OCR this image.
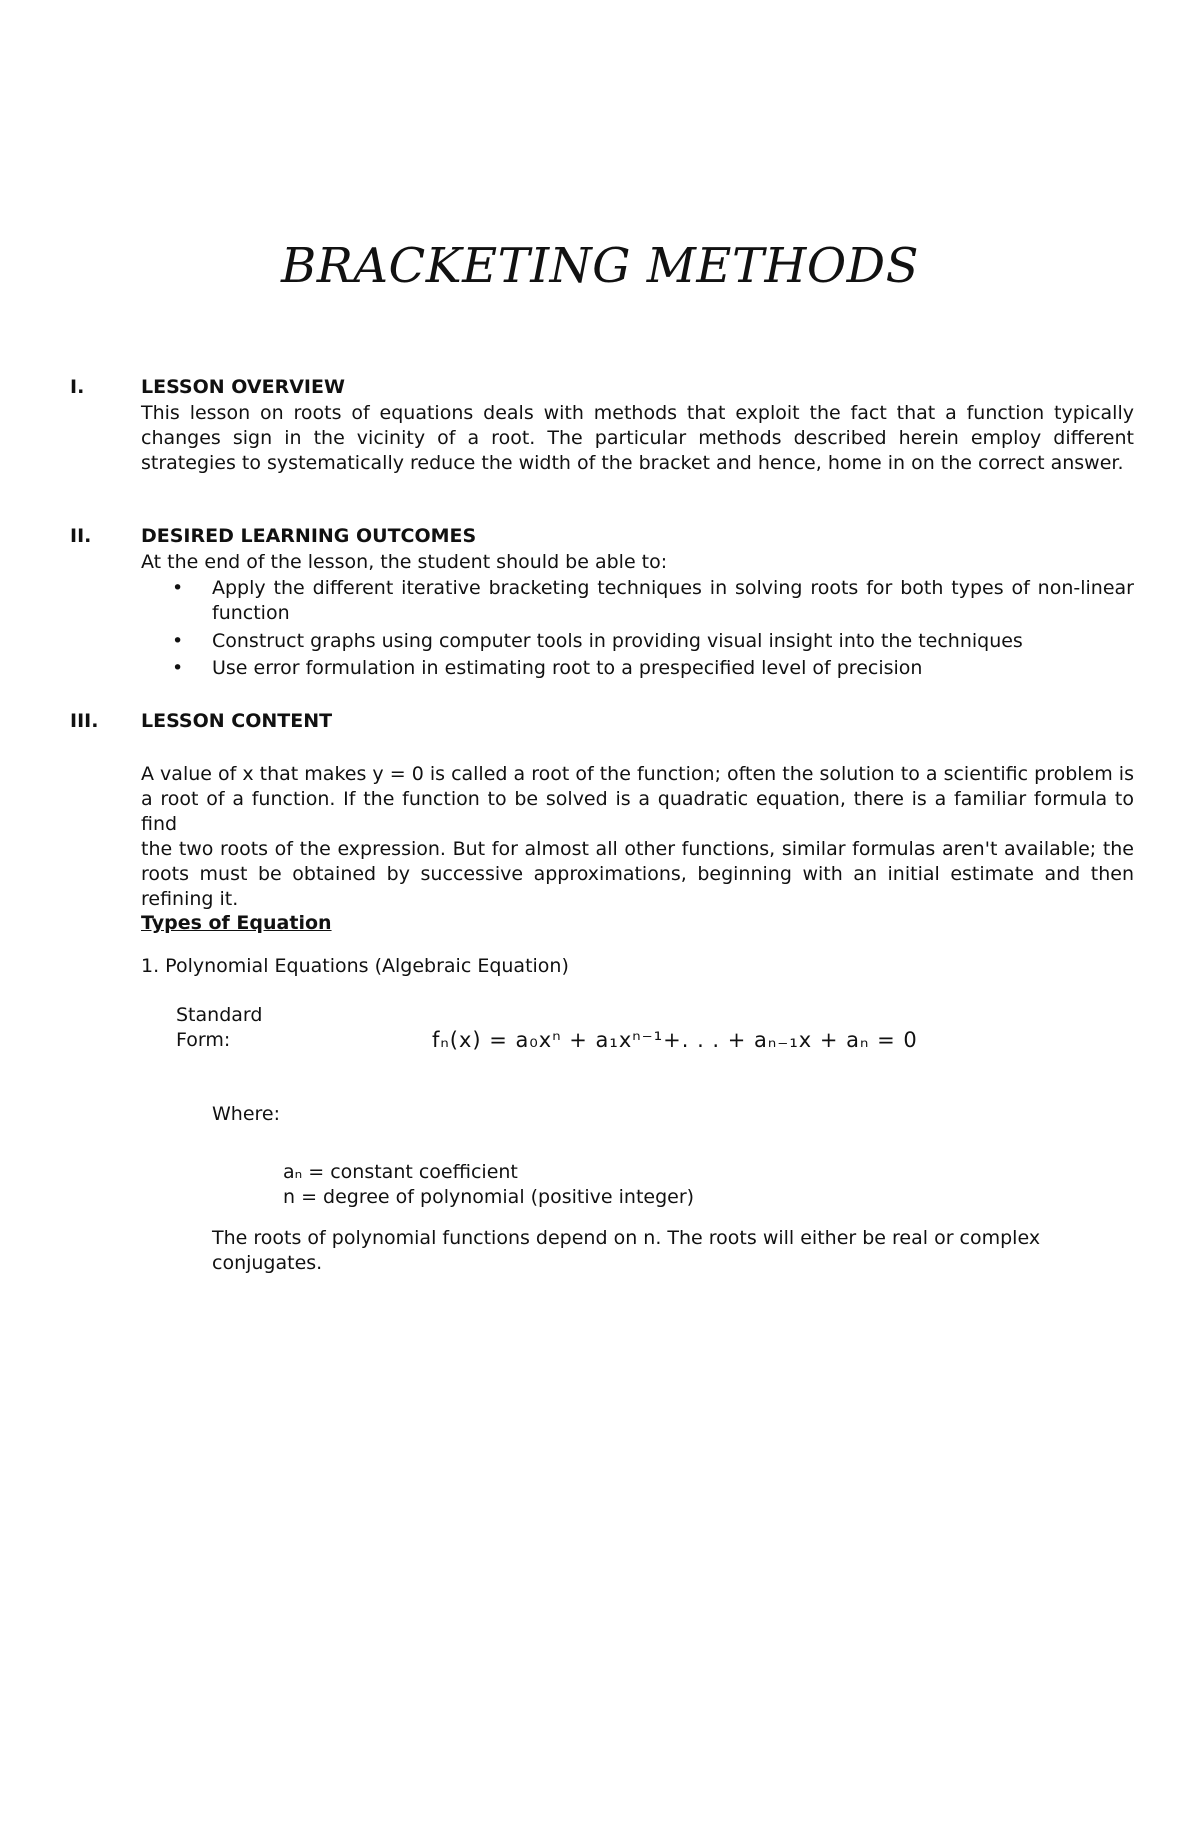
BRACKETING METHODS
I.	LESSON OVERVIEW
This lesson on roots of equations deals with methods that exploit the fact that a function typically
changes sign in the vicinity of a root. The particular methods described herein employ different
strategies to systematically reduce the width of the bracket and hence, home in on the correct answer.
II.	DESIRED LEARNING OUTCOMES
At the end of the lesson, the student should be able to:
• Apply the different iterative bracketing techniques in solving roots for both types of non-linear
function
• Construct graphs using computer tools in providing visual insight into the techniques
• Use error formulation in estimating root to a prespecified level of precision
III. LESSON CONTENT
A value of x that makes y = 0 is called a root of the function; often the solution to a scientific problem is
a root of a function. If the function to be solved is a quadratic equation, there is a familiar formula to find
the two roots of the expression. But for almost all other functions, similar formulas aren't available; the
roots must be obtained by successive approximations, beginning with an initial estimate and then
refining it.
Types of Equation
1. Polynomial Equations (Algebraic Equation)
Standard
Form:	fₙ(x) = a₀xⁿ + a₁xⁿ⁻¹+. . . + aₙ₋₁x + aₙ = 0
Where:
aₙ = constant coefficient
n = degree of polynomial (positive integer)
The roots of polynomial functions depend on n. The roots will either be real or complex
conjugates.
